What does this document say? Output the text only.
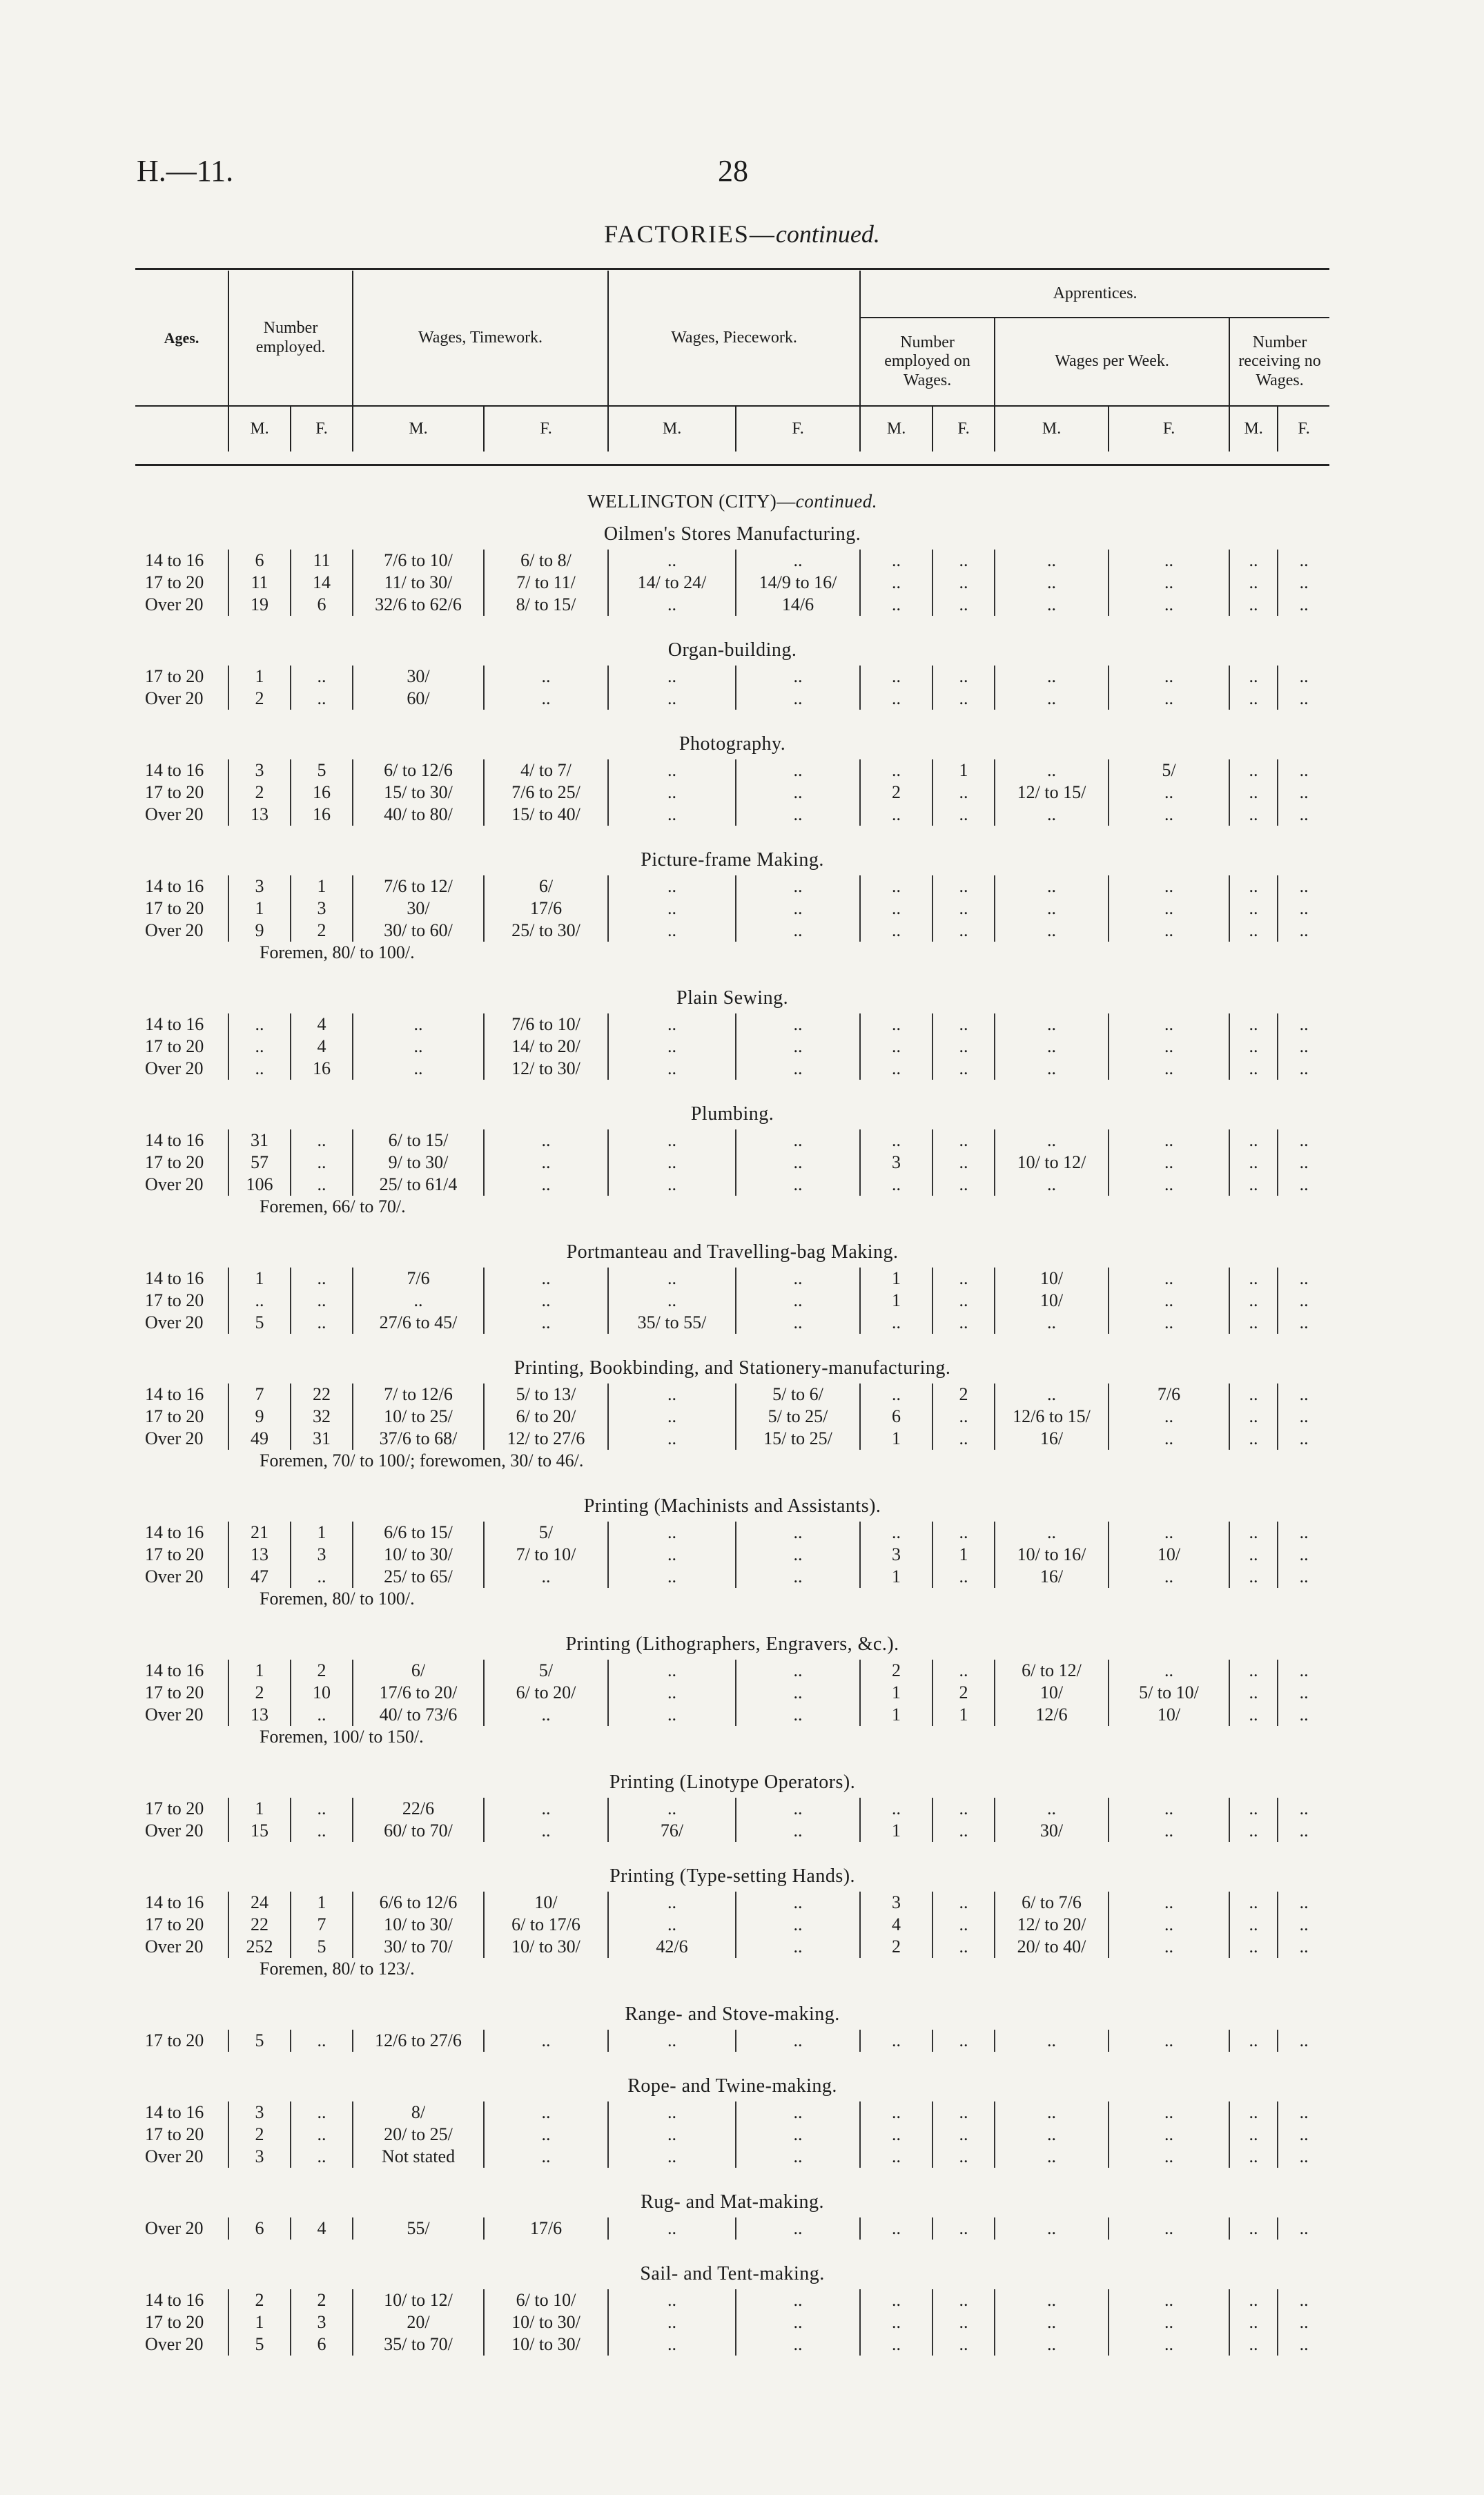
H.—11.	28
FACTORIES—continued.
Ages.	Number employed.		Wages, Timework.		Wages, Piecework.		Apprentices.					
							Number employed on Wages.		Wages per Week.		Number receiving no Wages.	
	M.	F.	M.	F.	M.	F.	M.	F.	M.	F.	M.	F.
WELLINGTON (CITY)—continued.												
Oilmen's Stores Manufacturing.												
14 to 16	6	11	7/6 to 10/	6/ to 8/	..	..	..	..	..	..	..	..
17 to 20	11	14	11/ to 30/	7/ to 11/	14/ to 24/	14/9 to 16/	..	..	..	..	..	..
Over 20	19	6	32/6 to 62/6	8/ to 15/	..	14/6	..	..	..	..	..	..

Organ-building.												
17 to 20	1	..	30/	..	..	..	..	..	..	..	..	..
Over 20	2	..	60/	..	..	..	..	..	..	..	..	..

Photography.												
14 to 16	3	5	6/ to 12/6	4/ to 7/	..	..	..	1	..	5/	..	..
17 to 20	2	16	15/ to 30/	7/6 to 25/	..	..	2	..	12/ to 15/	..	..	..
Over 20	13	16	40/ to 80/	15/ to 40/	..	..	..	..	..	..	..	..

Picture-frame Making.												
14 to 16	3	1	7/6 to 12/	6/	..	..	..	..	..	..	..	..
17 to 20	1	3	30/	17/6	..	..	..	..	..	..	..	..
Over 20	9	2	30/ to 60/	25/ to 30/	..	..	..	..	..	..	..	..
Foremen, 80/ to 100/.												

Plain Sewing.												
14 to 16	..	4	..	7/6 to 10/	..	..	..	..	..	..	..	..
17 to 20	..	4	..	14/ to 20/	..	..	..	..	..	..	..	..
Over 20	..	16	..	12/ to 30/	..	..	..	..	..	..	..	..

Plumbing.												
14 to 16	31	..	6/ to 15/	..	..	..	..	..	..	..	..	..
17 to 20	57	..	9/ to 30/	..	..	..	3	..	10/ to 12/	..	..	..
Over 20	106	..	25/ to 61/4	..	..	..	..	..	..	..	..	..
Foremen, 66/ to 70/.												

Portmanteau and Travelling-bag Making.												
14 to 16	1	..	7/6	..	..	..	1	..	10/	..	..	..
17 to 20	..	..	..	..	..	..	1	..	10/	..	..	..
Over 20	5	..	27/6 to 45/	..	35/ to 55/	..	..	..	..	..	..	..

Printing, Bookbinding, and Stationery-manufacturing.												
14 to 16	7	22	7/ to 12/6	5/ to 13/	..	5/ to 6/	..	2	..	7/6	..	..
17 to 20	9	32	10/ to 25/	6/ to 20/	..	5/ to 25/	6	..	12/6 to 15/	..	..	..
Over 20	49	31	37/6 to 68/	12/ to 27/6	..	15/ to 25/	1	..	16/	..	..	..
Foremen, 70/ to 100/; forewomen, 30/ to 46/.												

Printing (Machinists and Assistants).												
14 to 16	21	1	6/6 to 15/	5/	..	..	..	..	..	..	..	..
17 to 20	13	3	10/ to 30/	7/ to 10/	..	..	3	1	10/ to 16/	10/	..	..
Over 20	47	..	25/ to 65/	..	..	..	1	..	16/	..	..	..
Foremen, 80/ to 100/.												

Printing (Lithographers, Engravers, &c.).												
14 to 16	1	2	6/	5/	..	..	2	..	6/ to 12/	..	..	..
17 to 20	2	10	17/6 to 20/	6/ to 20/	..	..	1	2	10/	5/ to 10/	..	..
Over 20	13	..	40/ to 73/6	..	..	..	1	1	12/6	10/	..	..
Foremen, 100/ to 150/.												

Printing (Linotype Operators).												
17 to 20	1	..	22/6	..	..	..	..	..	..	..	..	..
Over 20	15	..	60/ to 70/	..	76/	..	1	..	30/	..	..	..

Printing (Type-setting Hands).												
14 to 16	24	1	6/6 to 12/6	10/	..	..	3	..	6/ to 7/6	..	..	..
17 to 20	22	7	10/ to 30/	6/ to 17/6	..	..	4	..	12/ to 20/	..	..	..
Over 20	252	5	30/ to 70/	10/ to 30/	42/6	..	2	..	20/ to 40/	..	..	..
Foremen, 80/ to 123/.												

Range- and Stove-making.												
17 to 20	5	..	12/6 to 27/6	..	..	..	..	..	..	..	..	..

Rope- and Twine-making.												
14 to 16	3	..	8/	..	..	..	..	..	..	..	..	..
17 to 20	2	..	20/ to 25/	..	..	..	..	..	..	..	..	..
Over 20	3	..	Not stated	..	..	..	..	..	..	..	..	..

Rug- and Mat-making.												
Over 20	6	4	55/	17/6	..	..	..	..	..	..	..	..

Sail- and Tent-making.												
14 to 16	2	2	10/ to 12/	6/ to 10/	..	..	..	..	..	..	..	..
17 to 20	1	3	20/	10/ to 30/	..	..	..	..	..	..	..	..
Over 20	5	6	35/ to 70/	10/ to 30/	..	..	..	..	..	..	..	..
